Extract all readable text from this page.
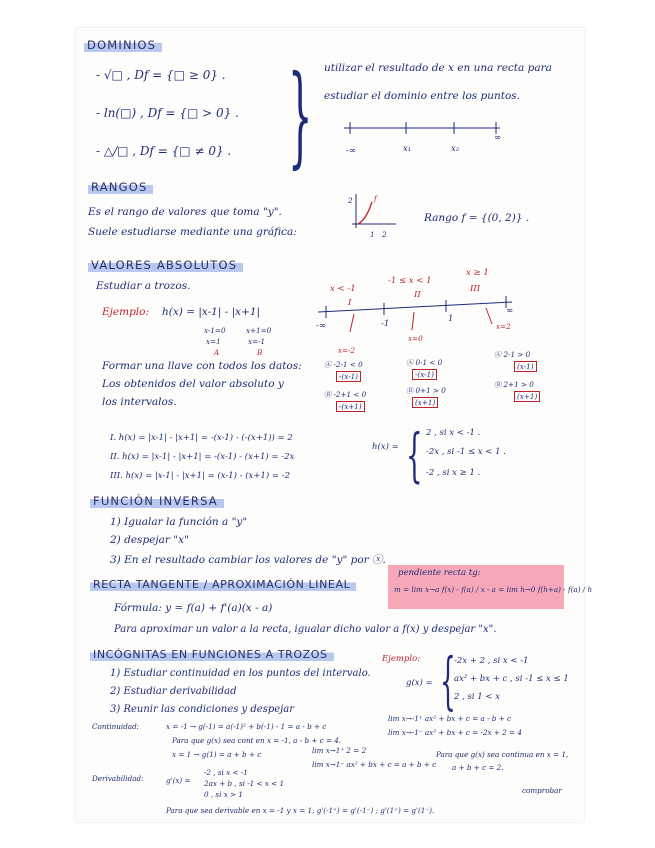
DOMINIOS
- √□ , Df = {□ ≥ 0} .
- ln(□) , Df = {□ > 0} .
- △/□ , Df = {□ ≠ 0} . } utilizar el resultado de x en una recta para
estudiar el dominio entre los puntos.
-∞	x₁	x₂
∞
RANGOS
Es el rango de valores que toma "y".
Suele estudiarse mediante una gráfica:
f
2
1 2
Rango f = {(0, 2)} .
VALORES ABSOLUTOS
Estudiar a trozos.
Ejemplo: h(x) = |x-1| - |x+1|
x-1=0
x=1
A
x+1=0
x=-1
B
x < -1
-1 ≤ x < 1
x ≥ 1
I
II
III
-∞	-1	1
∞
x=-2
x=0
x=2
Formar una llave con todos los datos:
Los obtenidos del valor absoluto y
los intervalos.
Ⓐ -2-1 < 0
-(x-1)
Ⓐ 0-1 < 0
-(x-1)
Ⓐ 2-1 > 0
(x-1)
Ⓑ -2+1 < 0
-(x+1)
Ⓑ 0+1 > 0
(x+1)
Ⓑ 2+1 > 0
(x+1)
I. h(x) = |x-1| - |x+1| = -(x-1) - (-(x+1)) = 2
II. h(x) = |x-1| - |x+1| = -(x-1) - (x+1) = -2x
III. h(x) = |x-1| - |x+1| = (x-1) - (x+1) = -2
h(x) = { 2 , si x < -1 .
-2x , si -1 ≤ x < 1 .
-2 , si x ≥ 1 .
FUNCIÓN INVERSA
1) Igualar la función a "y"
2) despejar "x"
3) En el resultado cambiar los valores de "y" por ⓧ.
RECTA TANGENTE / APROXIMACIÓN LINEAL
Fórmula: y = f(a) + f'(a)(x - a)
Para aproximar un valor a la recta, igualar dicho valor a f(x) y despejar "x".
INCÓGNITAS EN FUNCIONES A TROZOS
1) Estudiar continuidad en los puntos del intervalo.
2) Estudiar derivabilidad
3) Reunir las condiciones y despejar
Ejemplo:
g(x) = {
-2x + 2 , si x < -1
ax² + bx + c , si -1 ≤ x ≤ 1
2 , si 1 < x
Continuidad:	x = -1 → g(-1) = a(-1)² + b(-1) - 1 = a - b + c
lim x→-1⁺ ax² + bx + c = a - b + c
lim x→-1⁻ ax² + bx + c = -2x + 2 = 4
Para que g(x) sea cont en x = -1, a - b + c = 4.
x = 1 → g(1) = a + b + c	lim x→1⁺ 2 = 2
lim x→1⁻ ax² + bx + c = a + b + c
Para que g(x) sea continua en x = 1,
a + b + c = 2.
Derivabilidad:	g'(x) =
-2 , si x < -1
2ax + b , si -1 < x < 1
0 , si x > 1
Para que sea derivable en x = -1 y x = 1, g'(-1⁺) = g'(-1⁻) ; g'(1⁺) = g'(1⁻).
comprobar
pendiente recta tg:
m = lim x→a f(x) - f(a) / x - a = lim h→0 f(h+a) - f(a) / h
